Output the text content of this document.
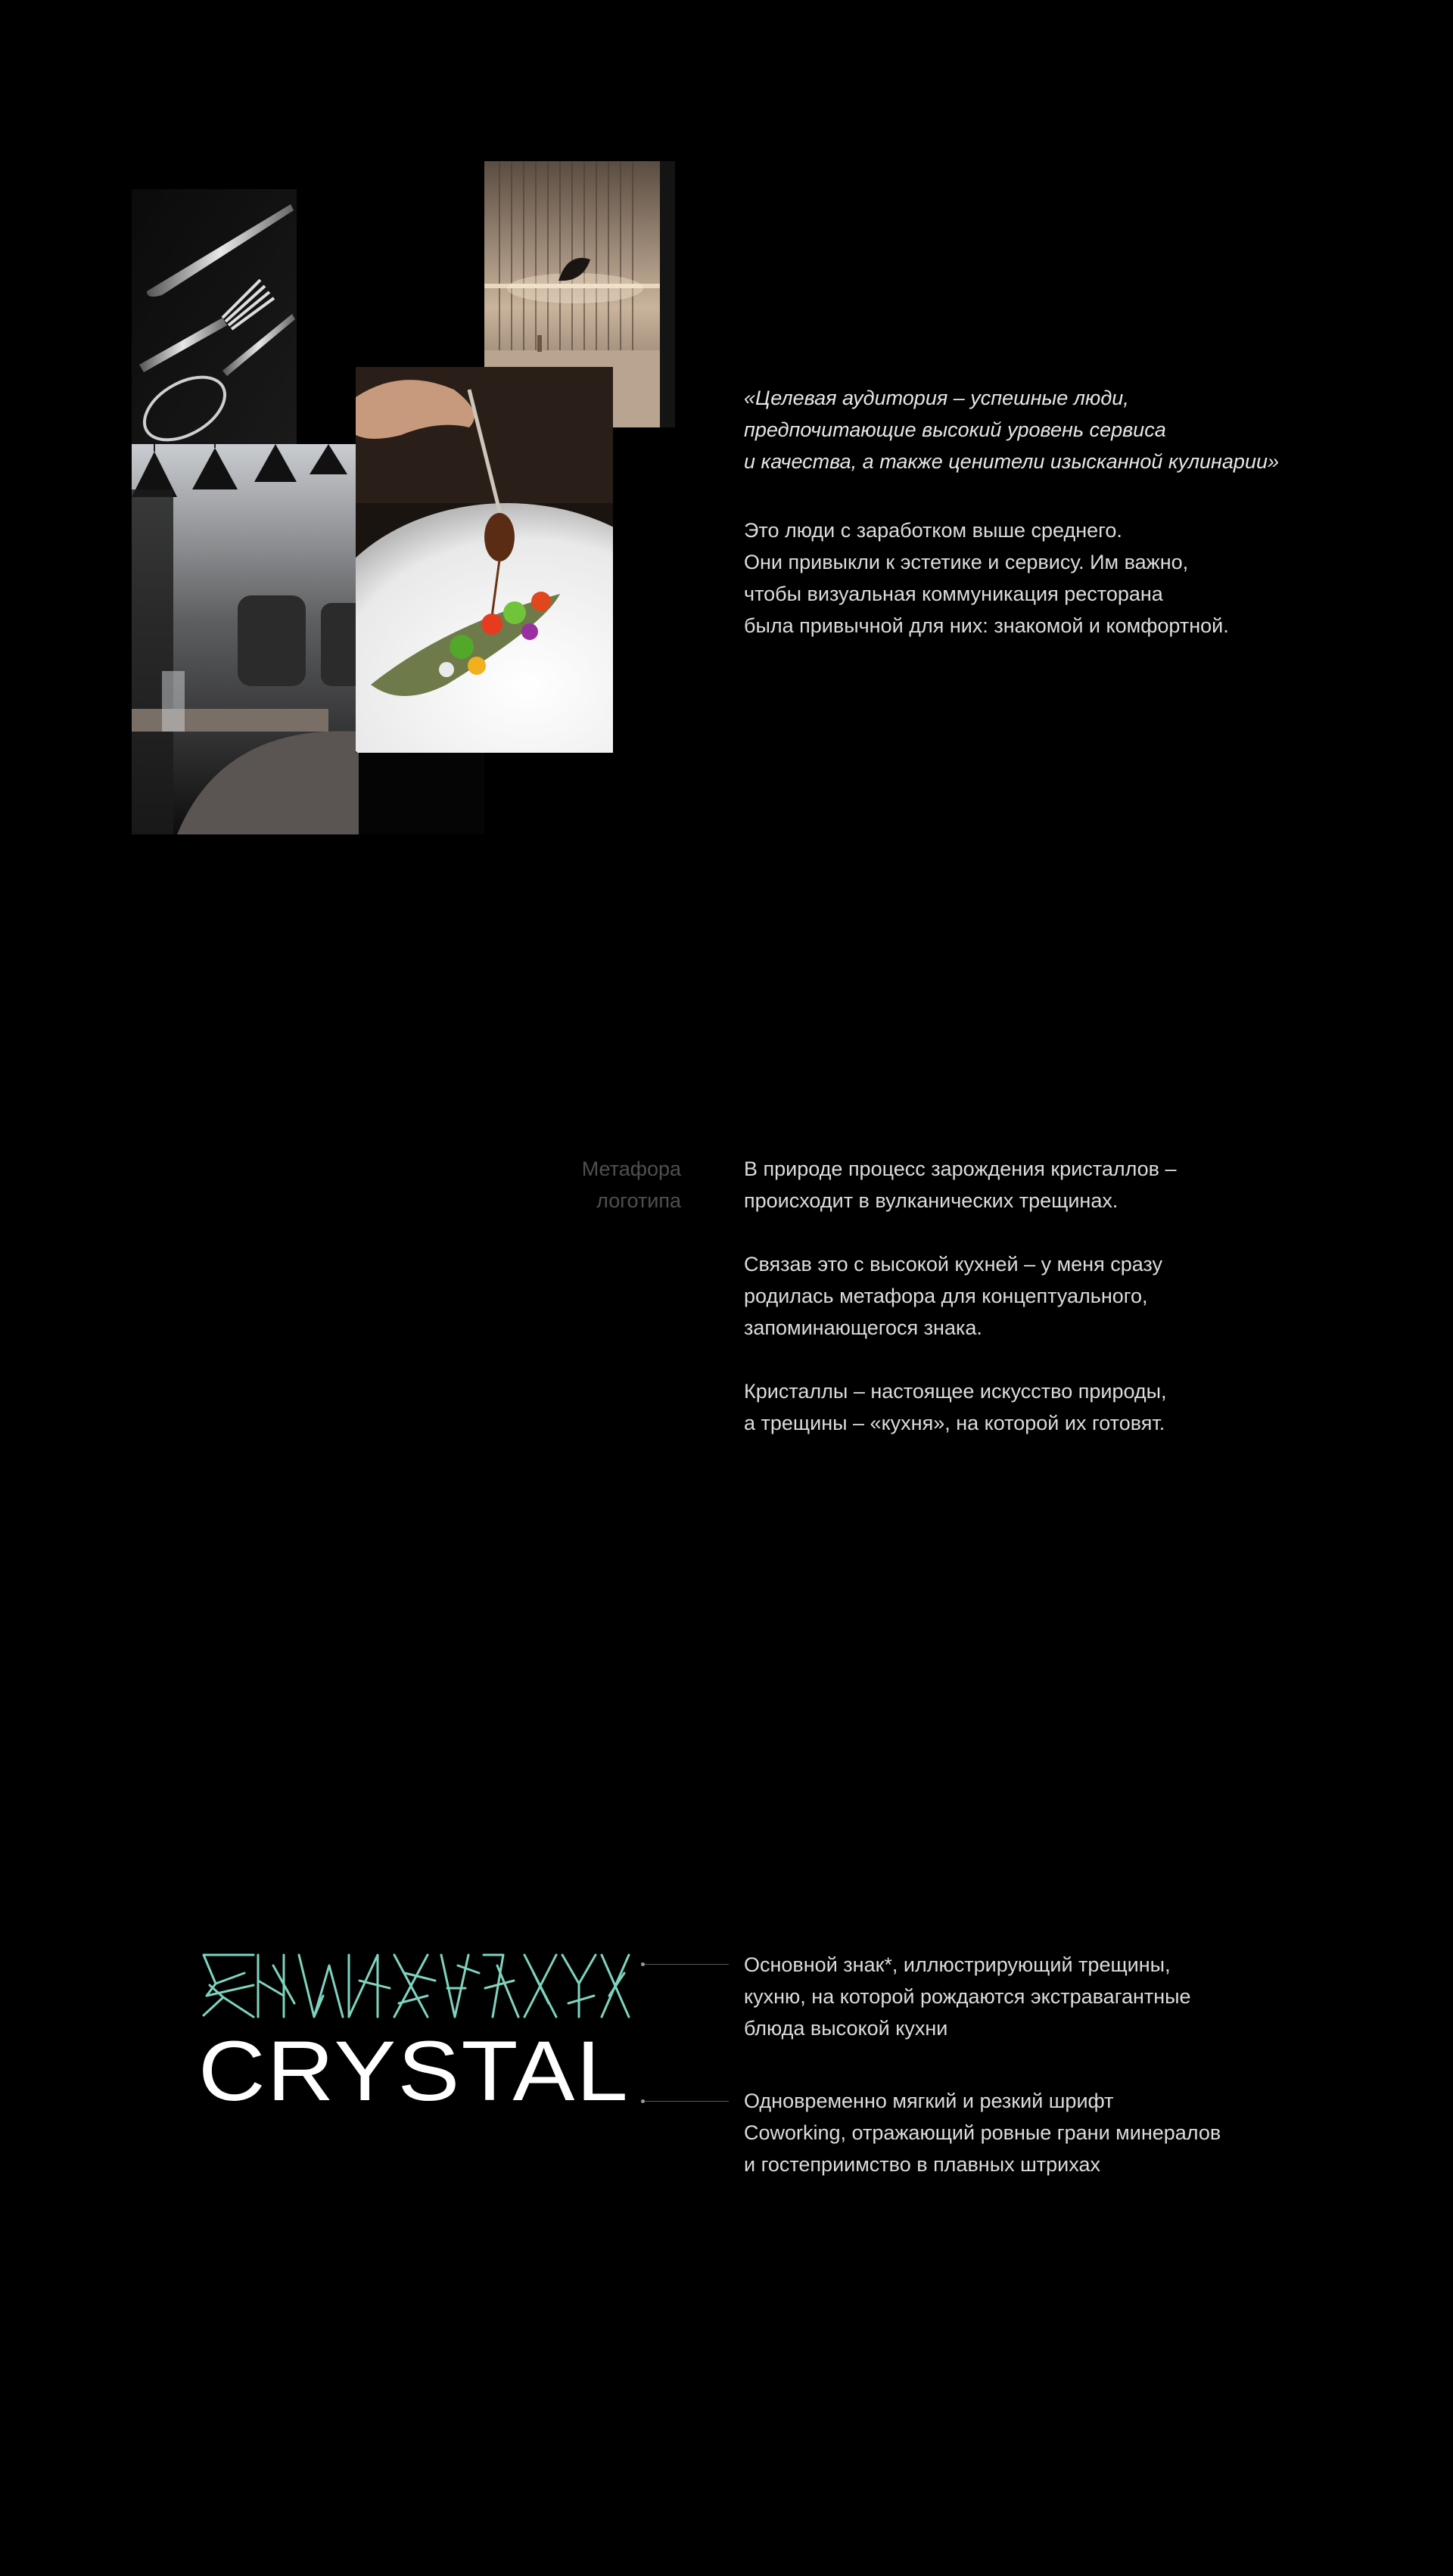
«Целевая аудитория – успешные люди,
предпочитающие высокий уровень сервиса
и качества, а также ценители изысканной кулинарии»
Это люди с заработком выше среднего.
Они привыкли к эстетике и сервису. Им важно,
чтобы визуальная коммуникация ресторана
была привычной для них: знакомой и комфортной.
Метафора
логотипа
В природе процесс зарождения кристаллов –
происходит в вулканических трещинах.
Связав это с высокой кухней – у меня сразу
родилась метафора для концептуального,
запоминающегося знака.
Кристаллы – настоящее искусство природы,
а трещины – «кухня», на которой их готовят.
CRYSTAL
Основной знак*, иллюстрирующий трещины,
кухню, на которой рождаются экстравагантные
блюда высокой кухни
Одновременно мягкий и резкий шрифт
Coworking, отражающий ровные грани минералов
и гостеприимство в плавных штрихах
